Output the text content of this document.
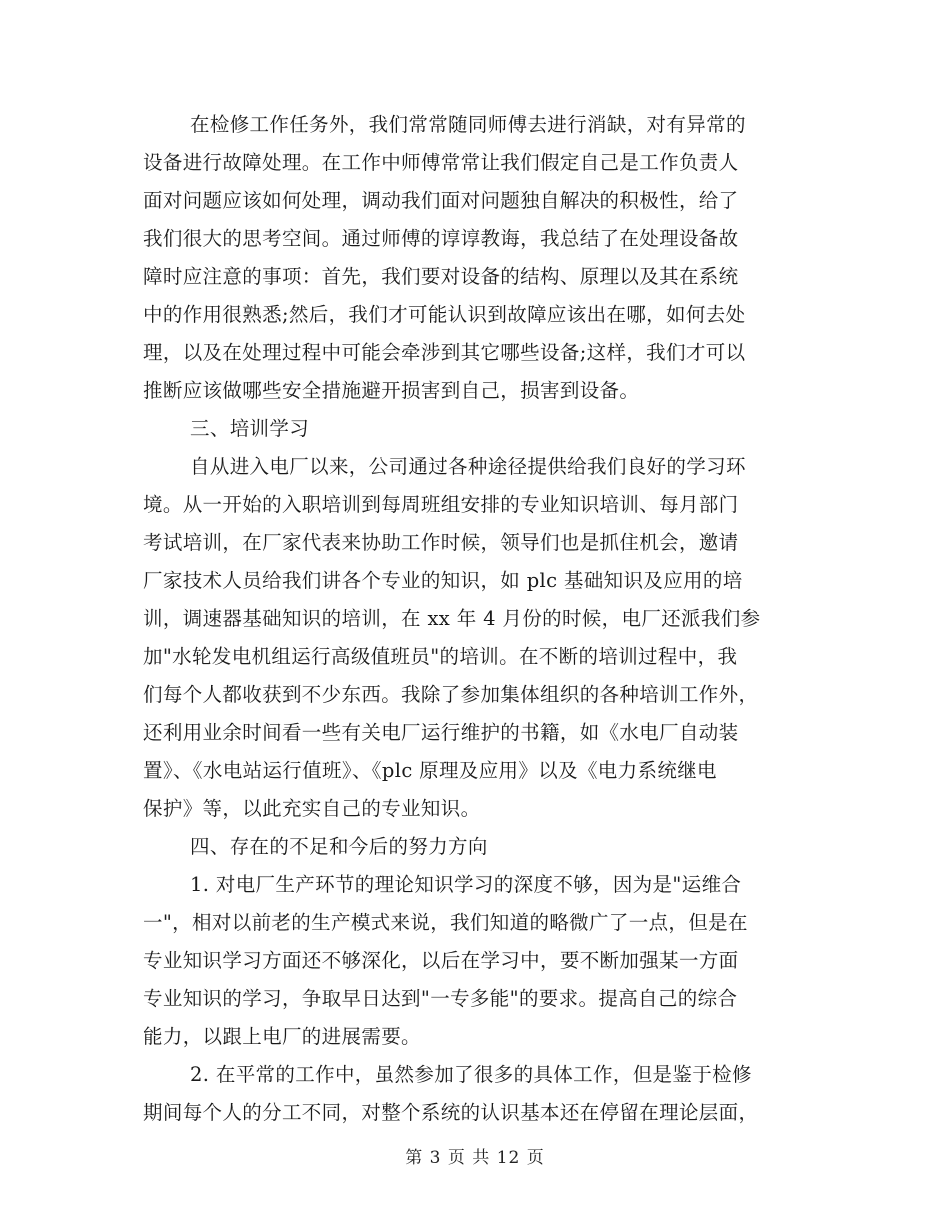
在检修工作任务外，我们常常随同师傅去进行消缺，对有异常的
设备进行故障处理。在工作中师傅常常让我们假定自己是工作负责人
面对问题应该如何处理，调动我们面对问题独自解决的积极性，给了
我们很大的思考空间。通过师傅的谆谆教诲，我总结了在处理设备故
障时应注意的事项：首先，我们要对设备的结构、原理以及其在系统
中的作用很熟悉;然后，我们才可能认识到故障应该出在哪，如何去处
理，以及在处理过程中可能会牵涉到其它哪些设备;这样，我们才可以
推断应该做哪些安全措施避开损害到自己，损害到设备。
三、培训学习
自从进入电厂以来，公司通过各种途径提供给我们良好的学习环
境。从一开始的入职培训到每周班组安排的专业知识培训、每月部门
考试培训，在厂家代表来协助工作时候，领导们也是抓住机会，邀请
厂家技术人员给我们讲各个专业的知识，如 plc 基础知识及应用的培
训，调速器基础知识的培训，在 xx 年 4 月份的时候，电厂还派我们参
加"水轮发电机组运行高级值班员"的培训。在不断的培训过程中，我
们每个人都收获到不少东西。我除了参加集体组织的各种培训工作外，
还利用业余时间看一些有关电厂运行维护的书籍，如《水电厂自动装
置》、《水电站运行值班》、《plc 原理及应用》以及《电力系统继电
保护》等，以此充实自己的专业知识。
四、存在的不足和今后的努力方向
1. 对电厂生产环节的理论知识学习的深度不够，因为是"运维合
一"，相对以前老的生产模式来说，我们知道的略微广了一点，但是在
专业知识学习方面还不够深化，以后在学习中，要不断加强某一方面
专业知识的学习，争取早日达到"一专多能"的要求。提高自己的综合
能力，以跟上电厂的进展需要。
2. 在平常的工作中，虽然参加了很多的具体工作，但是鉴于检修
期间每个人的分工不同，对整个系统的认识基本还在停留在理论层面，
第 3 页 共 12 页
